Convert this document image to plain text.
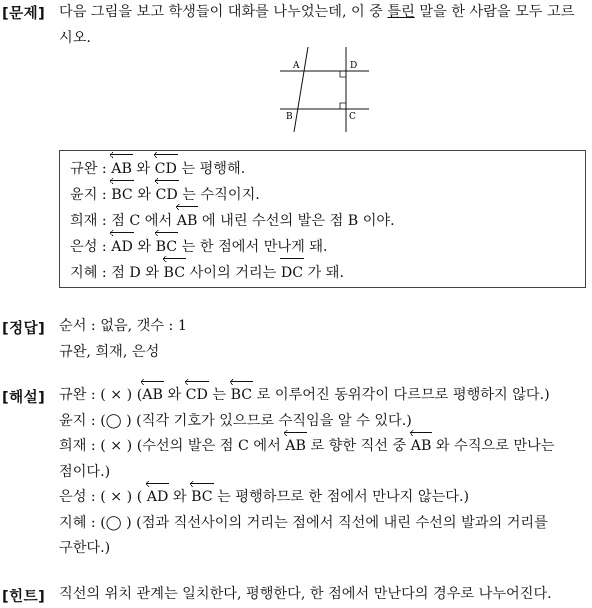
[문제] 다음 그림을 보고 학생들이 대화를 나누었는데, 이 중 틀린 말을 한 사람을 모두 고르시오.
A	D
B	C
규완 : AB 와 CD 는 평행해.
윤지 : BC 와 CD 는 수직이지.
희재 : 점 C 에서 AB 에 내린 수선의 발은 점 B 이야.
은성 : AD 와 BC 는 한 점에서 만나게 돼.
지혜 : 점 D 와 BC 사이의 거리는 DC 가 돼.
[정답] 순서 : 없음, 갯수 : 1
규완, 희재, 은성
[해설] 규완 : ( × ) (AB 와 CD 는 BC 로 이루어진 동위각이 다르므로 평행하지 않다.)
윤지 : (◯ ) (직각 기호가 있으므로 수직임을 알 수 있다.)
희재 : ( × ) (수선의 발은 점 C 에서 AB 로 향한 직선 중 AB 와 수직으로 만나는
점이다.)
은성 : ( × ) ( AD 와 BC 는 평행하므로 한 점에서 만나지 않는다.)
지혜 : (◯ ) (점과 직선사이의 거리는 점에서 직선에 내린 수선의 발과의 거리를
구한다.)
[힌트] 직선의 위치 관계는 일치한다, 평행한다, 한 점에서 만난다의 경우로 나누어진다.
